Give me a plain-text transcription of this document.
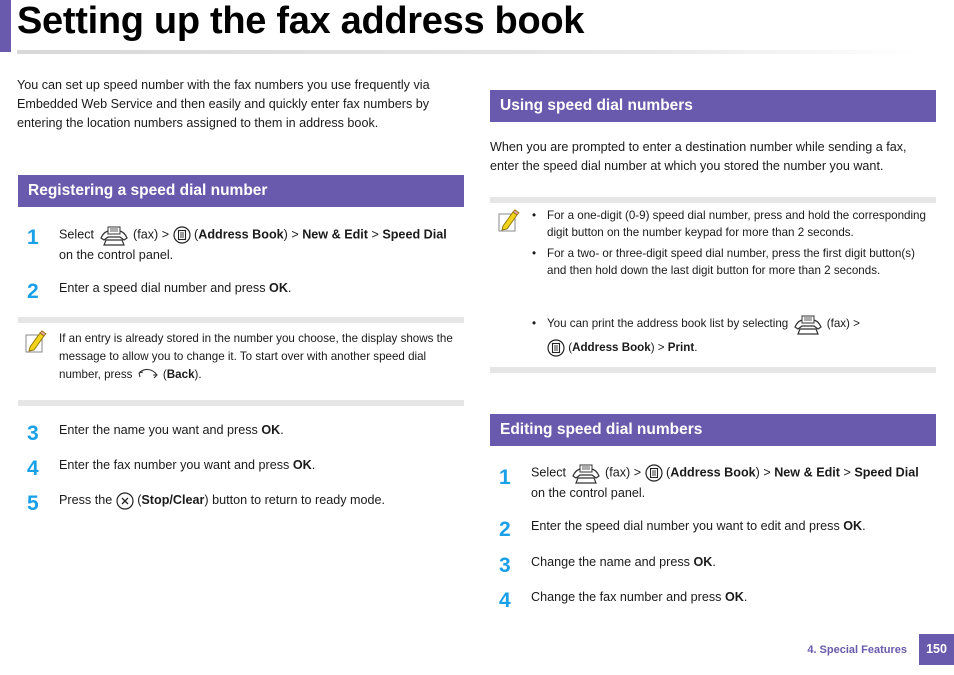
Setting up the fax address book

You can set up speed number with the fax numbers you use frequently via Embedded Web Service and then easily and quickly enter fax numbers by entering the location numbers assigned to them in address book.

Registering a speed dial number
1	Select	(fax) >  (Address Book) > New & Edit > Speed Dial on the control panel.

2	Enter a speed dial number and press OK.

If an entry is already stored in the number you choose, the display shows the message to allow you to change it. To start over with another speed dial number, press  (Back).

3	Enter the name you want and press OK.

4	Enter the fax number you want and press OK.

5	Press the  (Stop/Clear) button to return to ready mode.

Using speed dial numbers

When you are prompted to enter a destination number while sending a fax, enter the speed dial number at which you stored the number you want.

• For a one-digit (0-9) speed dial number, press and hold the corresponding digit button on the number keypad for more than 2 seconds.
• For a two- or three-digit speed dial number, press the first digit button(s) and then hold down the last digit button for more than 2 seconds.
• You can print the address book list by selecting	(fax) >
(Address Book) > Print.
Editing speed dial numbers
1	Select	(fax) >  (Address Book) > New & Edit > Speed Dial on the control panel.

2	Enter the speed dial number you want to edit and press OK.

3	Change the name and press OK.

4	Change the fax number and press OK.

4. Special Features	150
